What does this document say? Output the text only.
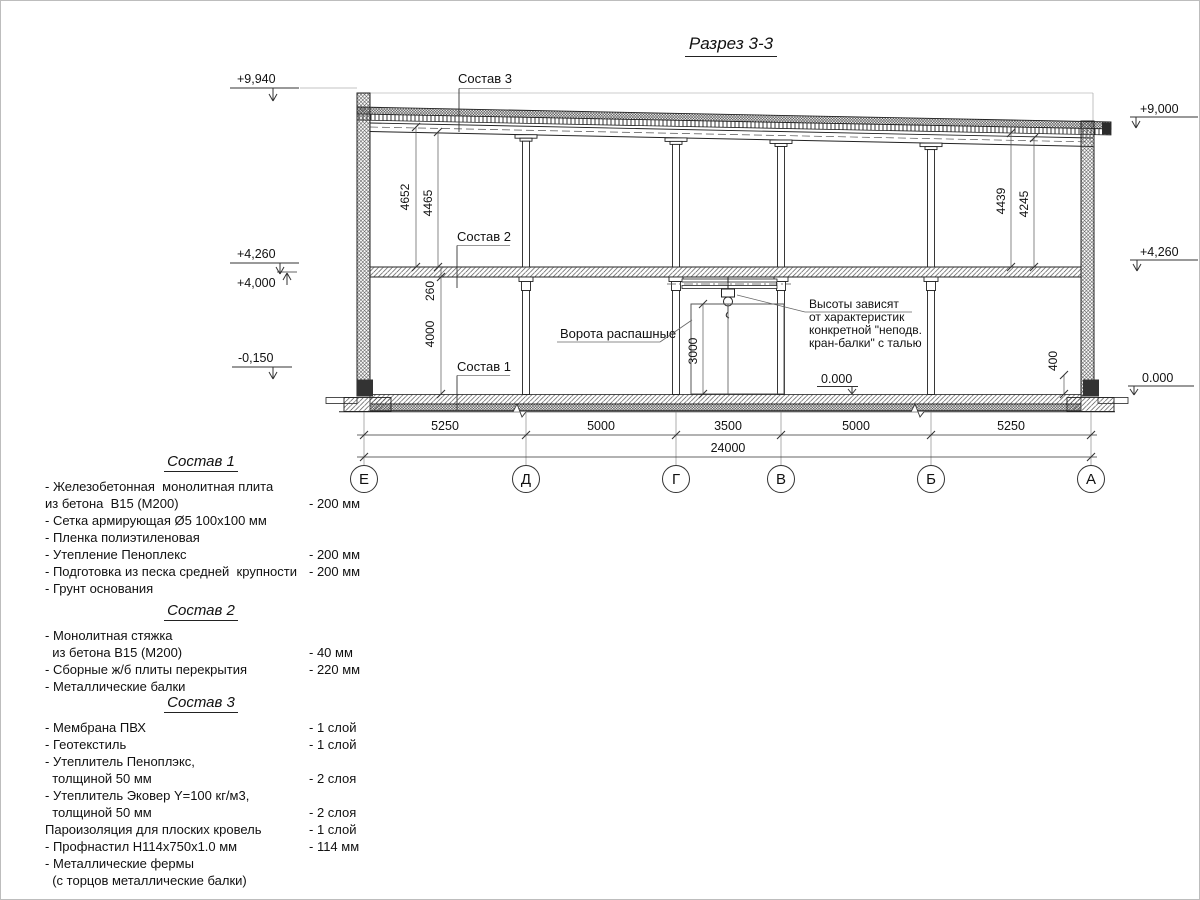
Разрез 3-3
3000
4652 4465	4439 4245
260
4000
400
Состав 3
Состав 2
Состав 1
Ворота распашные
Высоты зависят
от характеристик
конкретной "неподв.
кран-балки" с талью
+9,940
+4,260
+4,000
-0,150
+9,000
+4,260
0.000
0.000
5250	5000	3500	5000	5250
24000
Е	Д	Г	В	Б	А
Состав 1
- Железобетонная  монолитная плита
из бетона  В15 (М200)	- 200 мм
- Сетка армирующая Ø5 100х100 мм
- Пленка полиэтиленовая
- Утепление Пеноплекс	- 200 мм
- Подготовка из песка средней  крупности - 200 мм
- Грунт основания
Состав 2
- Монолитная стяжка
из бетона В15 (М200)	- 40 мм
- Сборные ж/б плиты перекрытия	- 220 мм
- Металлические балки
Состав 3
- Мембрана ПВХ	- 1 слой
- Геотекстиль	- 1 слой
- Утеплитель Пеноплэкс,
толщиной 50 мм	- 2 слоя
- Утеплитель Эковер Y=100 кг/м3,
толщиной 50 мм	- 2 слоя
Пароизоляция для плоских кровель	- 1 слой
- Профнастил Н114х750х1.0 мм	- 114 мм
- Металлические фермы
(с торцов металлические балки)
